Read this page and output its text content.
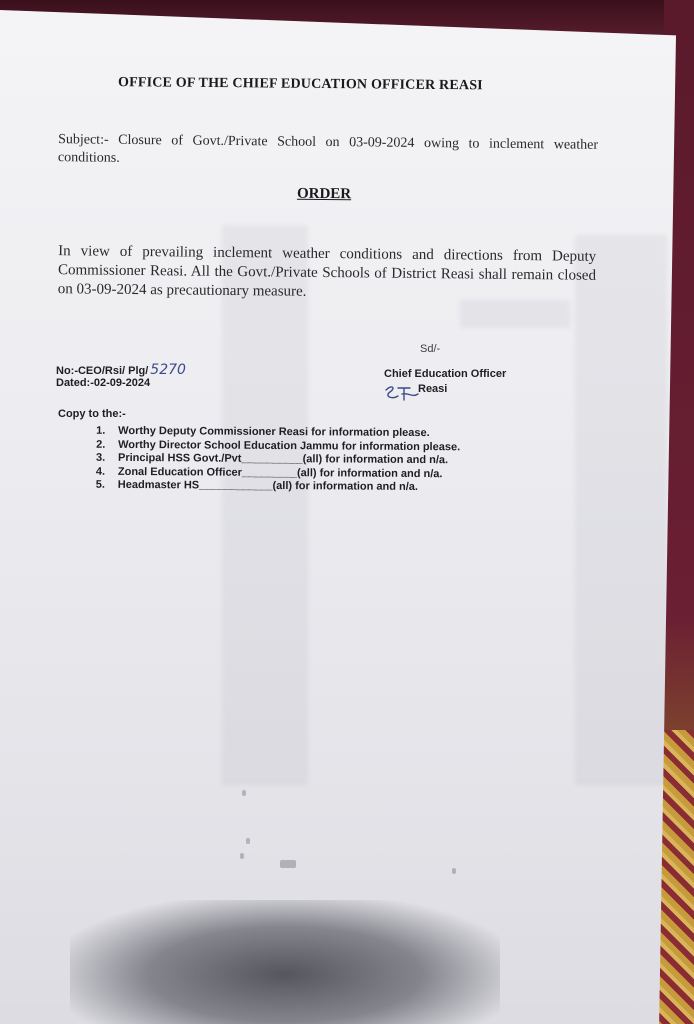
OFFICE OF THE CHIEF EDUCATION OFFICER REASI
Subject:- Closure of Govt./Private School on 03-09-2024 owing to inclement weather conditions.
ORDER
In view of prevailing inclement weather conditions and directions from Deputy Commissioner Reasi. All the Govt./Private Schools of District Reasi shall remain closed on 03-09-2024 as precautionary measure.
Sd/-
No:-CEO/Rsi/ Plg/ 5270
Dated:-02-09-2024
Chief Education Officer
Reasi
Copy to the:-
1. Worthy Deputy Commissioner Reasi for information please.
2. Worthy Director School Education Jammu for information please.
3. Principal HSS Govt./Pvt__________(all) for information and n/a.
4. Zonal Education Officer_________(all) for information and n/a.
5. Headmaster HS____________(all) for information and n/a.
